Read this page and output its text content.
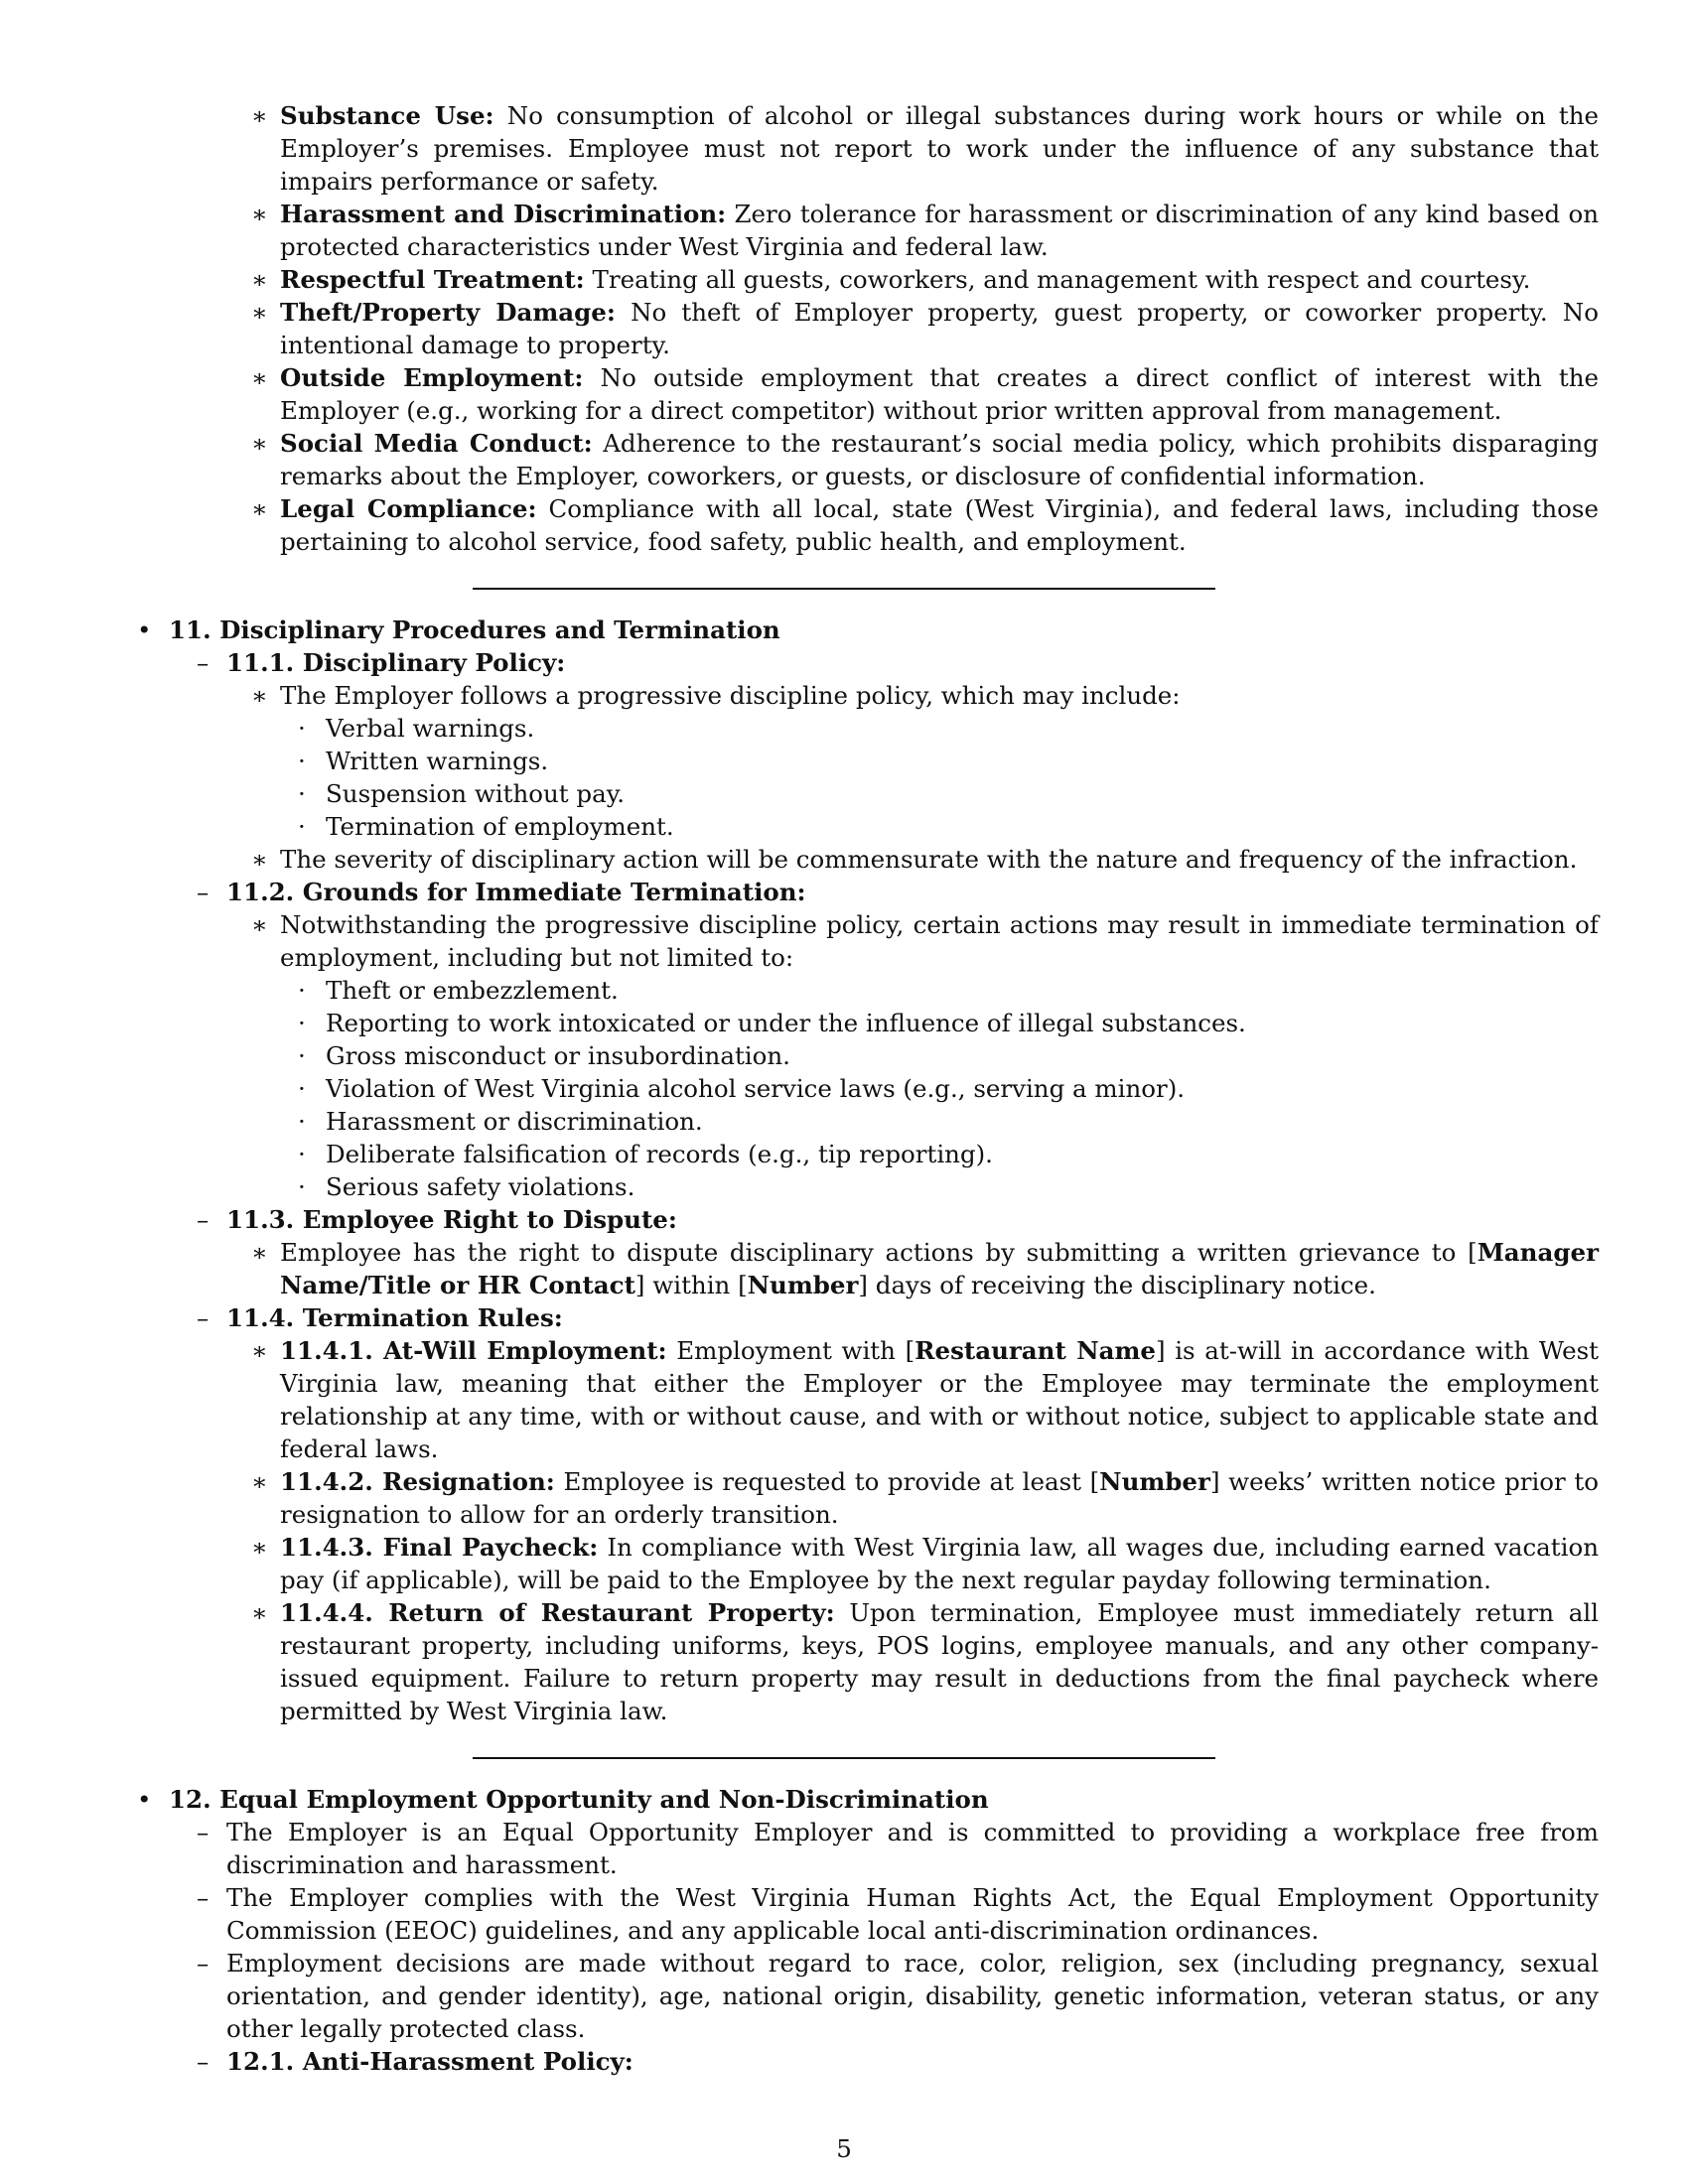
∗ Substance Use: No consumption of alcohol or illegal substances during work hours or while on the Employer’s premises. Employee must not report to work under the influence of any substance that impairs performance or safety.
∗ Harassment and Discrimination: Zero tolerance for harassment or discrimination of any kind based on protected characteristics under West Virginia and federal law.
∗ Respectful Treatment: Treating all guests, coworkers, and management with respect and courtesy.
∗ Theft/Property Damage: No theft of Employer property, guest property, or coworker property. No intentional damage to property.
∗ Outside Employment: No outside employment that creates a direct conflict of interest with the Employer (e.g., working for a direct competitor) without prior written approval from management.
∗ Social Media Conduct: Adherence to the restaurant’s social media policy, which prohibits disparaging remarks about the Employer, coworkers, or guests, or disclosure of confidential information.
∗ Legal Compliance: Compliance with all local, state (West Virginia), and federal laws, including those pertaining to alcohol service, food safety, public health, and employment.
• 11. Disciplinary Procedures and Termination
– 11.1. Disciplinary Policy:
∗ The Employer follows a progressive discipline policy, which may include:
· Verbal warnings.
· Written warnings.
· Suspension without pay.
· Termination of employment.
∗ The severity of disciplinary action will be commensurate with the nature and frequency of the infraction.
– 11.2. Grounds for Immediate Termination:
∗ Notwithstanding the progressive discipline policy, certain actions may result in immediate termination of employment, including but not limited to:
· Theft or embezzlement.
· Reporting to work intoxicated or under the influence of illegal substances.
· Gross misconduct or insubordination.
· Violation of West Virginia alcohol service laws (e.g., serving a minor).
· Harassment or discrimination.
· Deliberate falsification of records (e.g., tip reporting).
· Serious safety violations.
– 11.3. Employee Right to Dispute:
∗ Employee has the right to dispute disciplinary actions by submitting a written grievance to [Manager Name/Title or HR Contact] within [Number] days of receiving the disciplinary notice.
– 11.4. Termination Rules:
∗ 11.4.1. At-Will Employment: Employment with [Restaurant Name] is at-will in accordance with West Virginia law, meaning that either the Employer or the Employee may terminate the employment relationship at any time, with or without cause, and with or without notice, subject to applicable state and federal laws.
∗ 11.4.2. Resignation: Employee is requested to provide at least [Number] weeks’ written notice prior to resignation to allow for an orderly transition.
∗ 11.4.3. Final Paycheck: In compliance with West Virginia law, all wages due, including earned vacation pay (if applicable), will be paid to the Employee by the next regular payday following termination.
∗ 11.4.4. Return of Restaurant Property: Upon termination, Employee must immediately return all restaurant property, including uniforms, keys, POS logins, employee manuals, and any other company-issued equipment. Failure to return property may result in deductions from the final paycheck where permitted by West Virginia law.
• 12. Equal Employment Opportunity and Non-Discrimination
– The Employer is an Equal Opportunity Employer and is committed to providing a workplace free from discrimination and harassment.
– The Employer complies with the West Virginia Human Rights Act, the Equal Employment Opportunity Commission (EEOC) guidelines, and any applicable local anti-discrimination ordinances.
– Employment decisions are made without regard to race, color, religion, sex (including pregnancy, sexual orientation, and gender identity), age, national origin, disability, genetic information, veteran status, or any other legally protected class.
– 12.1. Anti-Harassment Policy:
5
